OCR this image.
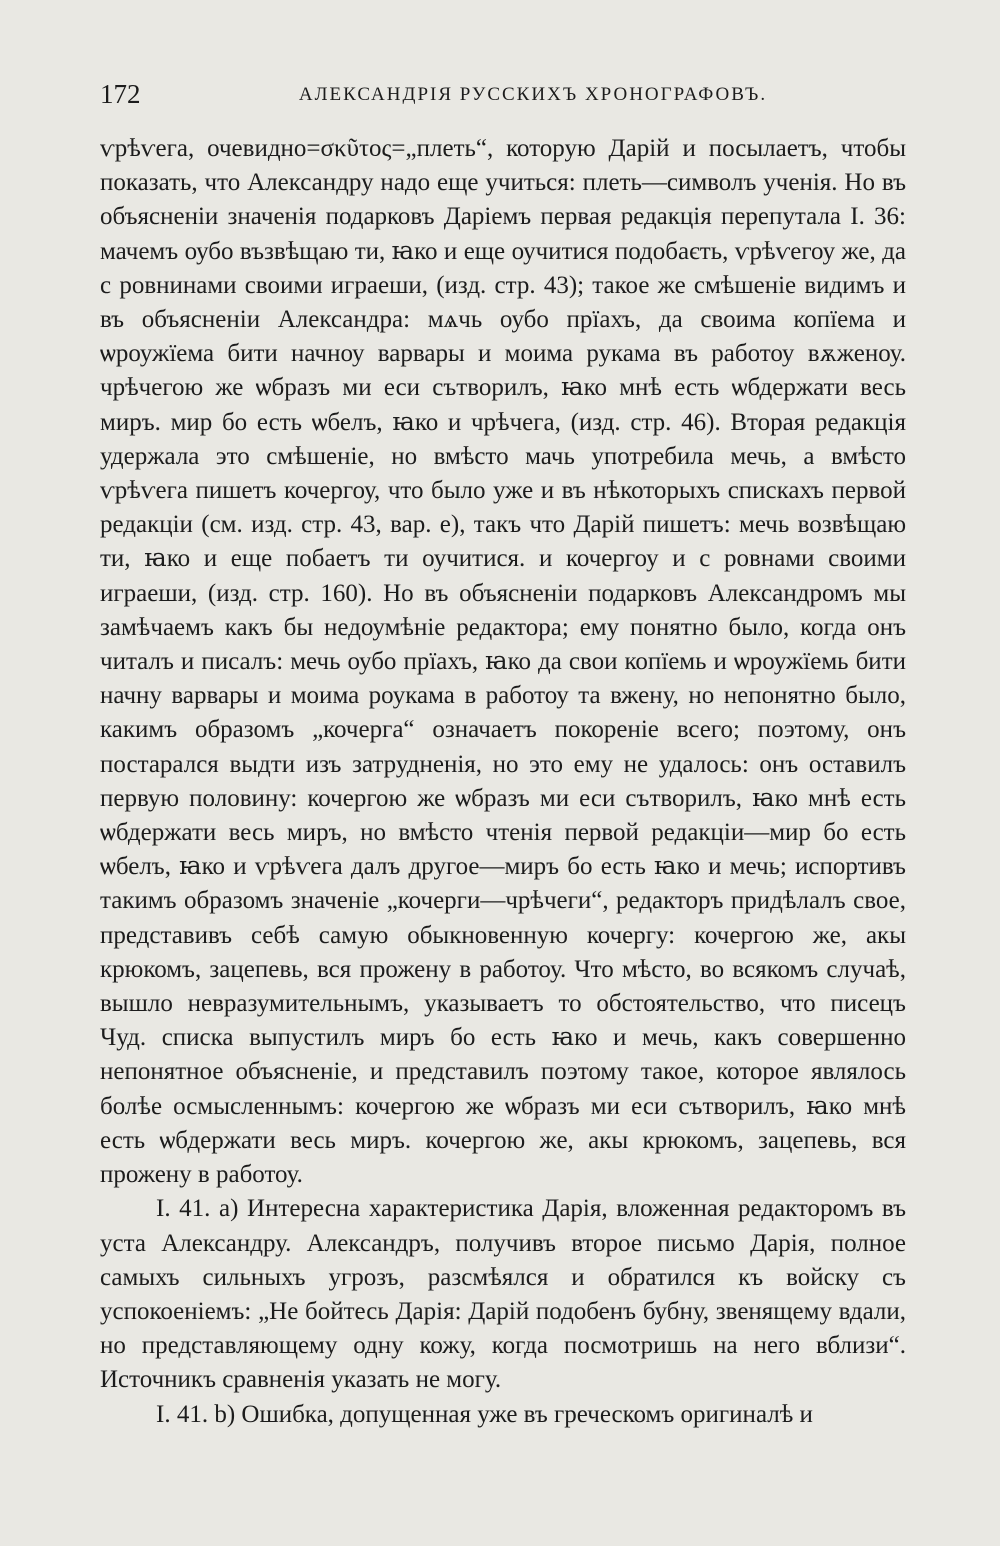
172	АЛЕКСАНДРІЯ РУССКИХЪ ХРОНОГРАФОВЪ.

ѵрѣѵега, очевидно=σκῦτος=„плеть“, которую Дарій и посылаетъ, чтобы показать, что Александру надо еще учиться: плеть—символъ ученія. Но въ объясненіи значенія подарковъ Даріемъ первая редакція перепутала I. 36: мачемъ оубо възвѣщаю ти, ꙗко и еще оучитися подобаєть, ѵрѣѵегоу же, да с ровнинами своими играеши, (изд. стр. 43); такое же смѣшеніе видимъ и въ объясненіи Александра: мѧчь оубо прїахъ, да своима копїема и ѡроужїема бити начноу варвары и моима рукама въ работоу вѫженоу. чрѣчегою же ѡбразъ ми еси сътворилъ, ꙗко мнѣ есть ѡбдержати весь миръ. мир бо есть ѡбелъ, ꙗко и чрѣчега, (изд. стр. 46). Вторая редакція удержала это смѣшеніе, но вмѣсто мачь употребила мечь, а вмѣсто ѵрѣѵега пишетъ кочергоу, что было уже и въ нѣкоторыхъ спискахъ первой редакціи (см. изд. стр. 43, вар. е), такъ что Дарій пишетъ: мечь возвѣщаю ти, ꙗко и еще побаетъ ти оучитися. и кочергоу и с ровнами своими играеши, (изд. стр. 160). Но въ объясненіи подарковъ Александромъ мы замѣчаемъ какъ бы недоумѣніе редактора; ему понятно было, когда онъ читалъ и писалъ: мечь оубо прїахъ, ꙗко да свои копїемь и ѡроужїемь бити начну варвары и моима роукама в работоу та вжену, но непонятно было, какимъ образомъ „кочерга“ означаетъ покореніе всего; поэтому, онъ постарался выдти изъ затрудненія, но это ему не удалось: онъ оставилъ первую половину: кочергою же ѡбразъ ми еси сътворилъ, ꙗко мнѣ есть ѡбдержати весь миръ, но вмѣсто чтенія первой редакціи—мир бо есть ѡбелъ, ꙗко и ѵрѣѵега далъ другое—миръ бо есть ꙗко и мечь; испортивъ такимъ образомъ значеніе „кочерги—чрѣчеги“, редакторъ придѣлалъ свое, представивъ себѣ самую обыкновенную кочергу: кочергою же, акы крюкомъ, зацепевь, вся прожену в работоу. Что мѣсто, во всякомъ случаѣ, вышло невразумительнымъ, указываетъ то обстоятельство, что писецъ Чуд. списка выпустилъ миръ бо есть ꙗко и мечь, какъ совершенно непонятное объясненіе, и представилъ поэтому такое, которое являлось болѣе осмысленнымъ: кочергою же ѡбразъ ми еси сътворилъ, ꙗко мнѣ есть ѡбдержати весь миръ. кочергою же, акы крюкомъ, зацепевь, вся прожену в работоу.

I. 41. a) Интересна характеристика Дарія, вложенная редакторомъ въ уста Александру. Александръ, получивъ второе письмо Дарія, полное самыхъ сильныхъ угрозъ, разсмѣялся и обратился къ войску съ успокоеніемъ: „Не бойтесь Дарія: Дарій подобенъ бубну, звенящему вдали, но представляющему одну кожу, когда посмотришь на него вблизи“. Источникъ сравненія указать не могу.

I. 41. b) Ошибка, допущенная уже въ греческомъ оригиналѣ и
